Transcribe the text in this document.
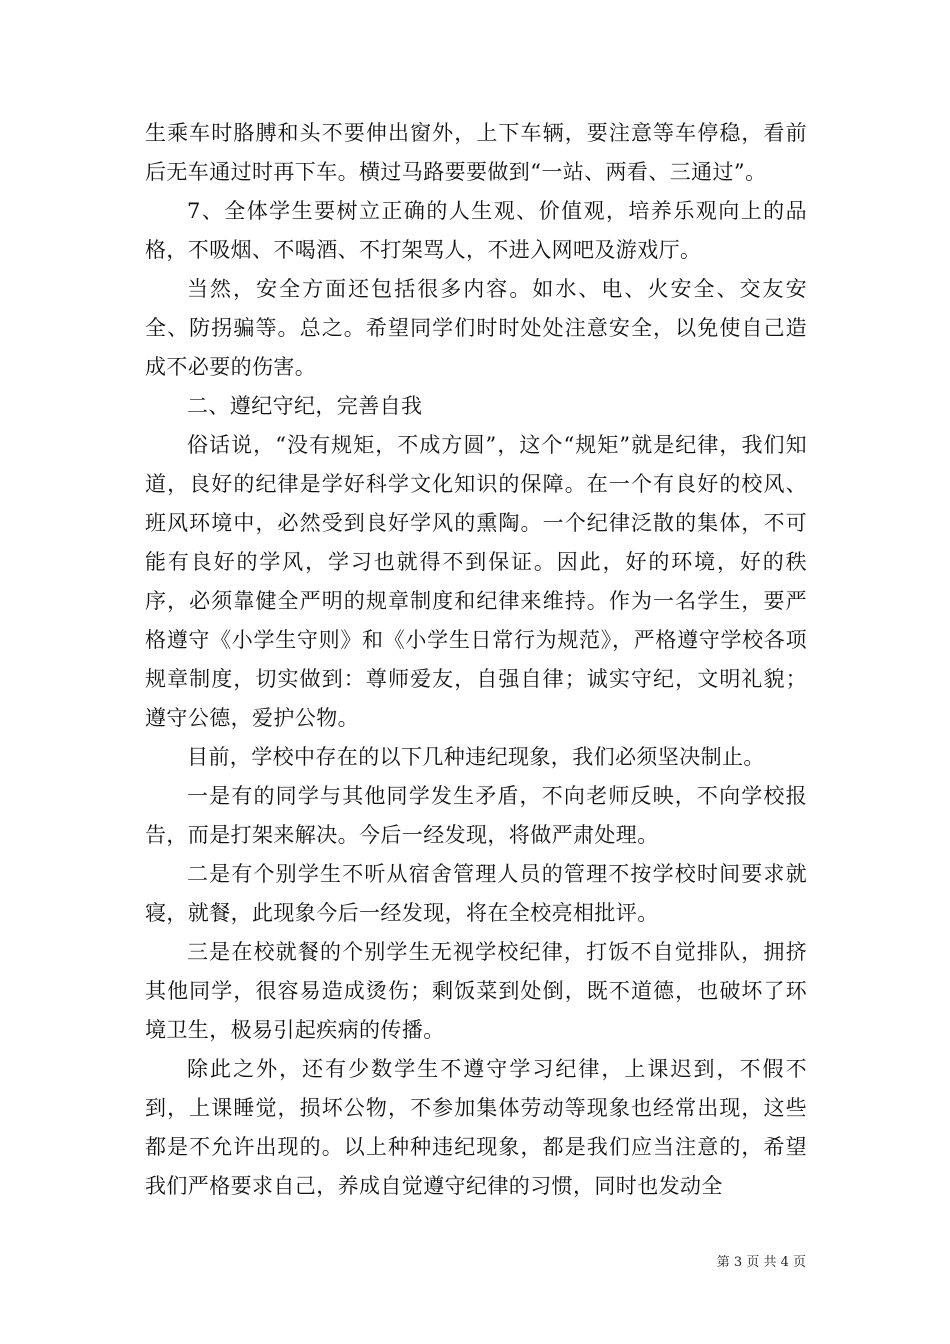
生乘车时胳膊和头不要伸出窗外，上下车辆，要注意等车停稳，看前后无车通过时再下车。横过马路要要做到“一站、两看、三通过”。

7、全体学生要树立正确的人生观、价值观，培养乐观向上的品格，不吸烟、不喝酒、不打架骂人，不进入网吧及游戏厅。

当然，安全方面还包括很多内容。如水、电、火安全、交友安全、防拐骗等。总之。希望同学们时时处处注意安全，以免使自己造成不必要的伤害。

二、遵纪守纪，完善自我

俗话说，“没有规矩，不成方圆”，这个“规矩”就是纪律，我们知道，良好的纪律是学好科学文化知识的保障。在一个有良好的校风、班风环境中，必然受到良好学风的熏陶。一个纪律泛散的集体，不可能有良好的学风，学习也就得不到保证。因此，好的环境，好的秩序，必须靠健全严明的规章制度和纪律来维持。作为一名学生，要严格遵守《小学生守则》和《小学生日常行为规范》，严格遵守学校各项规章制度，切实做到：尊师爱友，自强自律；诚实守纪，文明礼貌；遵守公德，爱护公物。

目前，学校中存在的以下几种违纪现象，我们必须坚决制止。

一是有的同学与其他同学发生矛盾，不向老师反映，不向学校报告，而是打架来解决。今后一经发现，将做严肃处理。

二是有个别学生不听从宿舍管理人员的管理不按学校时间要求就寝，就餐，此现象今后一经发现，将在全校亮相批评。

三是在校就餐的个别学生无视学校纪律，打饭不自觉排队，拥挤其他同学，很容易造成烫伤；剩饭菜到处倒，既不道德，也破坏了环境卫生，极易引起疾病的传播。

除此之外，还有少数学生不遵守学习纪律，上课迟到，不假不到，上课睡觉，损坏公物，不参加集体劳动等现象也经常出现，这些都是不允许出现的。以上种种违纪现象，都是我们应当注意的，希望我们严格要求自己，养成自觉遵守纪律的习惯，同时也发动全

第 3 页 共 4 页
